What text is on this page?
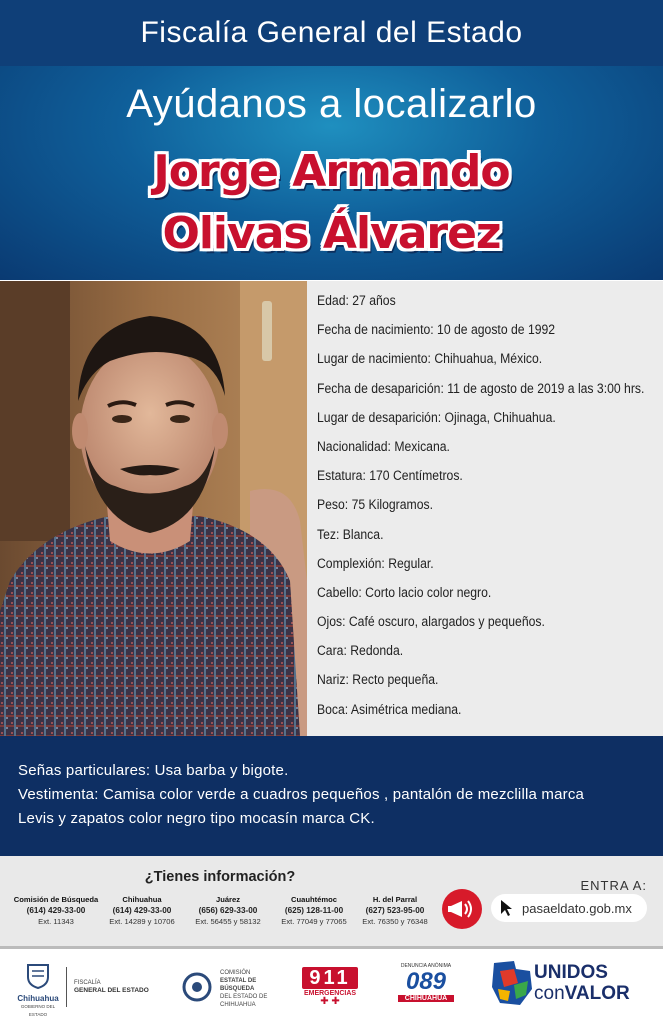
Fiscalía General del Estado
Ayúdanos a localizarlo
Jorge Armando
Olivas Álvarez
Edad: 27 años
Fecha de nacimiento: 10 de agosto de 1992
Lugar de nacimiento: Chihuahua, México.
Fecha de desaparición: 11 de agosto de 2019 a las 3:00 hrs.
Lugar de desaparición: Ojinaga, Chihuahua.
Nacionalidad: Mexicana.
Estatura: 170 Centímetros.
Peso: 75 Kilogramos.
Tez: Blanca.
Complexión: Regular.
Cabello: Corto lacio color negro.
Ojos: Café oscuro, alargados y pequeños.
Cara: Redonda.
Nariz: Recto pequeña.
Boca: Asimétrica mediana.

Señas particulares: Usa barba y bigote.

Vestimenta: Camisa color verde a cuadros pequeños , pantalón de mezclilla marca

Levis y zapatos color negro tipo mocasín marca CK.

¿Tienes información?
Comisión de Búsqueda
(614) 429-33-00
Ext. 11343
Chihuahua
(614) 429-33-00
Ext. 14289 y 10706
Juárez
(656) 629-33-00
Ext. 56455 y 58132
Cuauhtémoc
(625) 128-11-00
Ext. 77049 y 77065
H. del Parral
(627) 523-95-00
Ext. 76350 y 76348
ENTRA A:
pasaeldato.gob.mx
Chihuahua
GOBIERNO DEL ESTADO
FISCALÍA
GENERAL DEL ESTADO
COMISIÓN
ESTATAL DE
BÚSQUEDA
DEL ESTADO DE
CHIHUAHUA
911
EMERGENCIAS
✚ ✚
DENUNCIA ANÓNIMA
089
CHIHUAHUA
UNIDOS
conVALOR
